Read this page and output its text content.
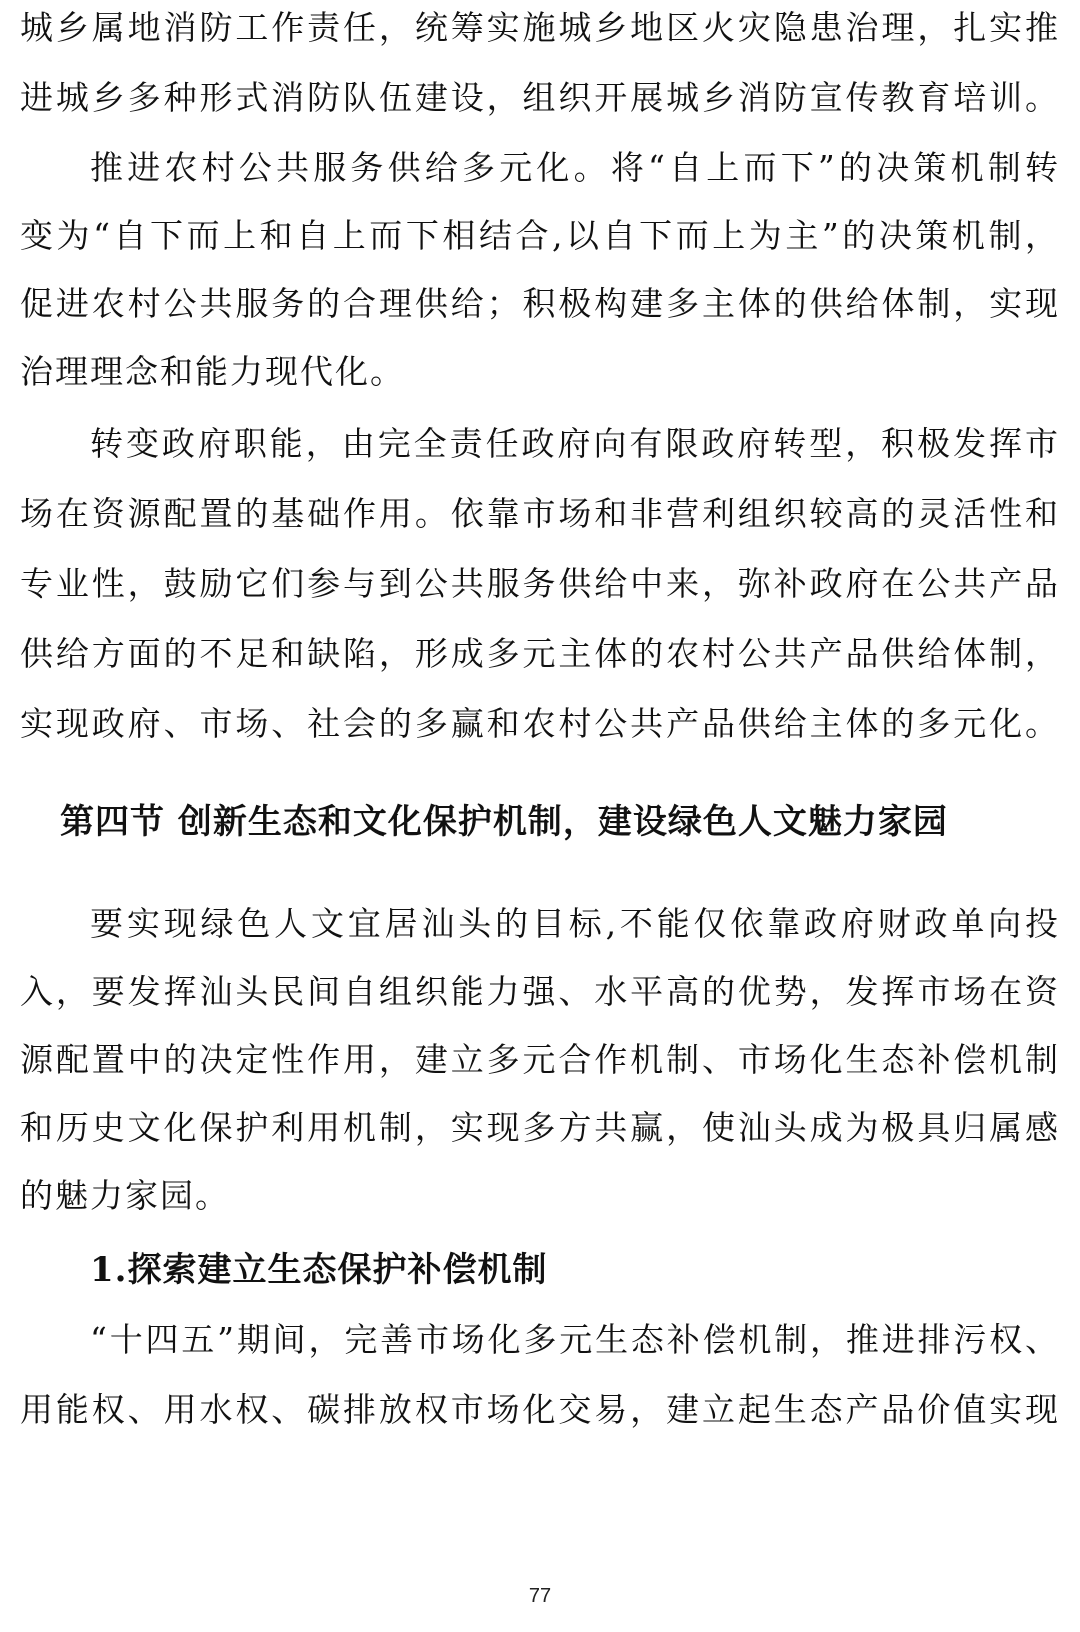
城乡属地消防工作责任，统筹实施城乡地区火灾隐患治理，扎实推
进城乡多种形式消防队伍建设，组织开展城乡消防宣传教育培训。
推进农村公共服务供给多元化。将“自上而下”的决策机制转
变为“自下而上和自上而下相结合,以自下而上为主”的决策机制，
促进农村公共服务的合理供给；积极构建多主体的供给体制，实现
治理理念和能力现代化。
转变政府职能，由完全责任政府向有限政府转型，积极发挥市
场在资源配置的基础作用。依靠市场和非营利组织较高的灵活性和
专业性，鼓励它们参与到公共服务供给中来，弥补政府在公共产品
供给方面的不足和缺陷，形成多元主体的农村公共产品供给体制，
实现政府、市场、社会的多赢和农村公共产品供给主体的多元化。
第四节 创新生态和文化保护机制，建设绿色人文魅力家园
要实现绿色人文宜居汕头的目标,不能仅依靠政府财政单向投
入，要发挥汕头民间自组织能力强、水平高的优势，发挥市场在资
源配置中的决定性作用，建立多元合作机制、市场化生态补偿机制
和历史文化保护利用机制，实现多方共赢，使汕头成为极具归属感
的魅力家园。
1.探索建立生态保护补偿机制
“十四五”期间，完善市场化多元生态补偿机制，推进排污权、
用能权、用水权、碳排放权市场化交易，建立起生态产品价值实现
77
